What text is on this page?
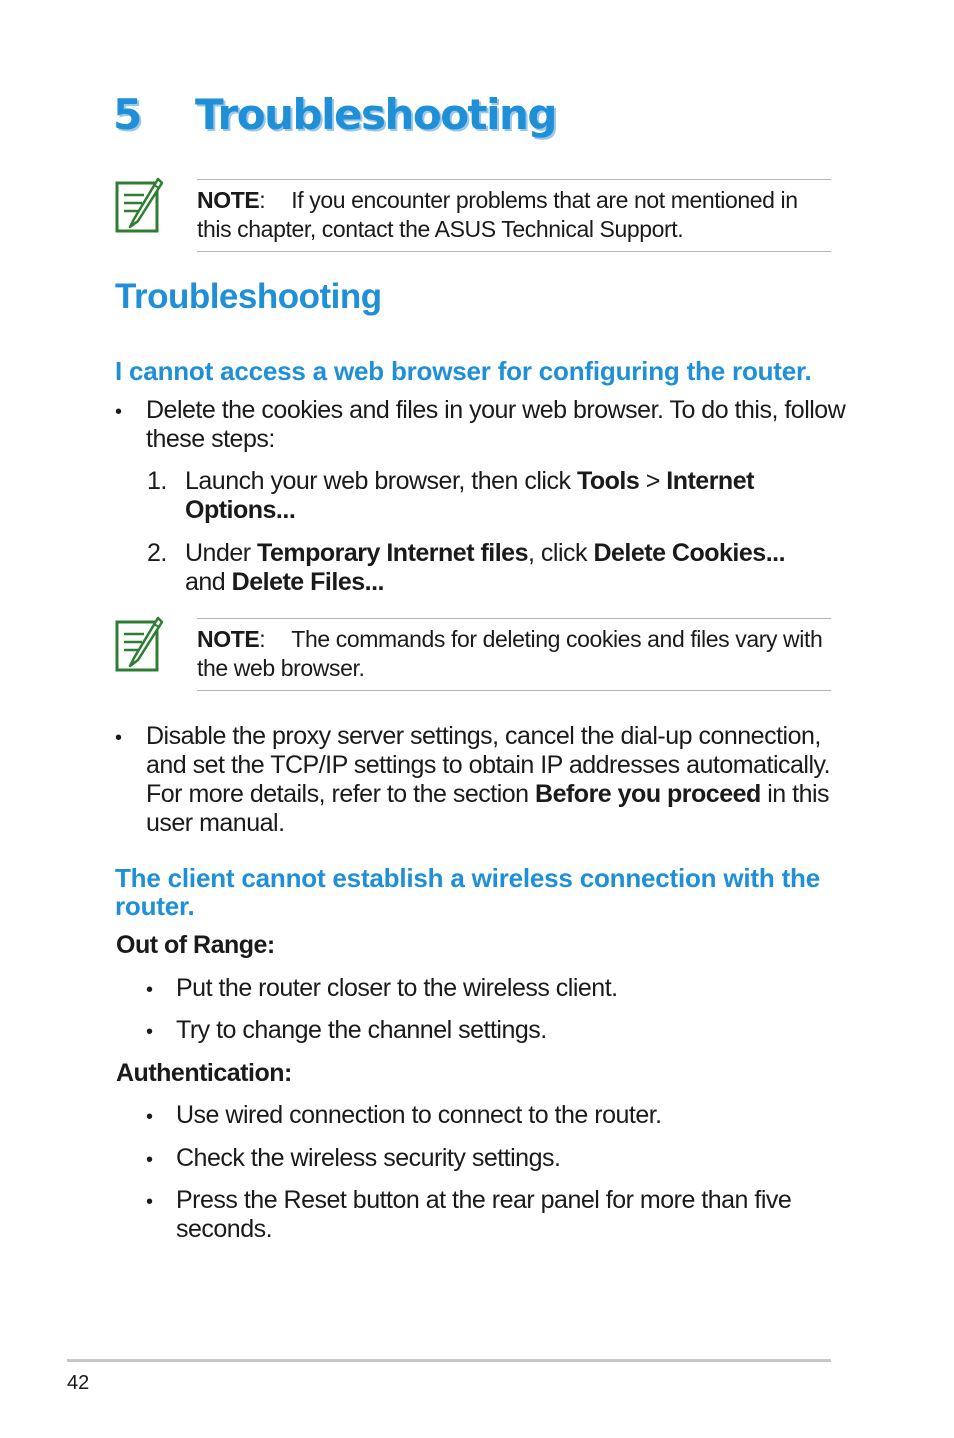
5 Troubleshooting
NOTE: If you encounter problems that are not mentioned in this chapter, contact the ASUS Technical Support.
Troubleshooting
I cannot access a web browser for configuring the router.
• Delete the cookies and files in your web browser. To do this, follow these steps:
1. Launch your web browser, then click Tools > Internet Options...
2. Under Temporary Internet files, click Delete Cookies...
and Delete Files...
NOTE: The commands for deleting cookies and files vary with the web browser.
• Disable the proxy server settings, cancel the dial-up connection, and set the TCP/IP settings to obtain IP addresses automatically. For more details, refer to the section Before you proceed in this user manual.
The client cannot establish a wireless connection with the router.
Out of Range:
• Put the router closer to the wireless client.
• Try to change the channel settings.
Authentication:
• Use wired connection to connect to the router.
• Check the wireless security settings.
• Press the Reset button at the rear panel for more than five seconds.
42
